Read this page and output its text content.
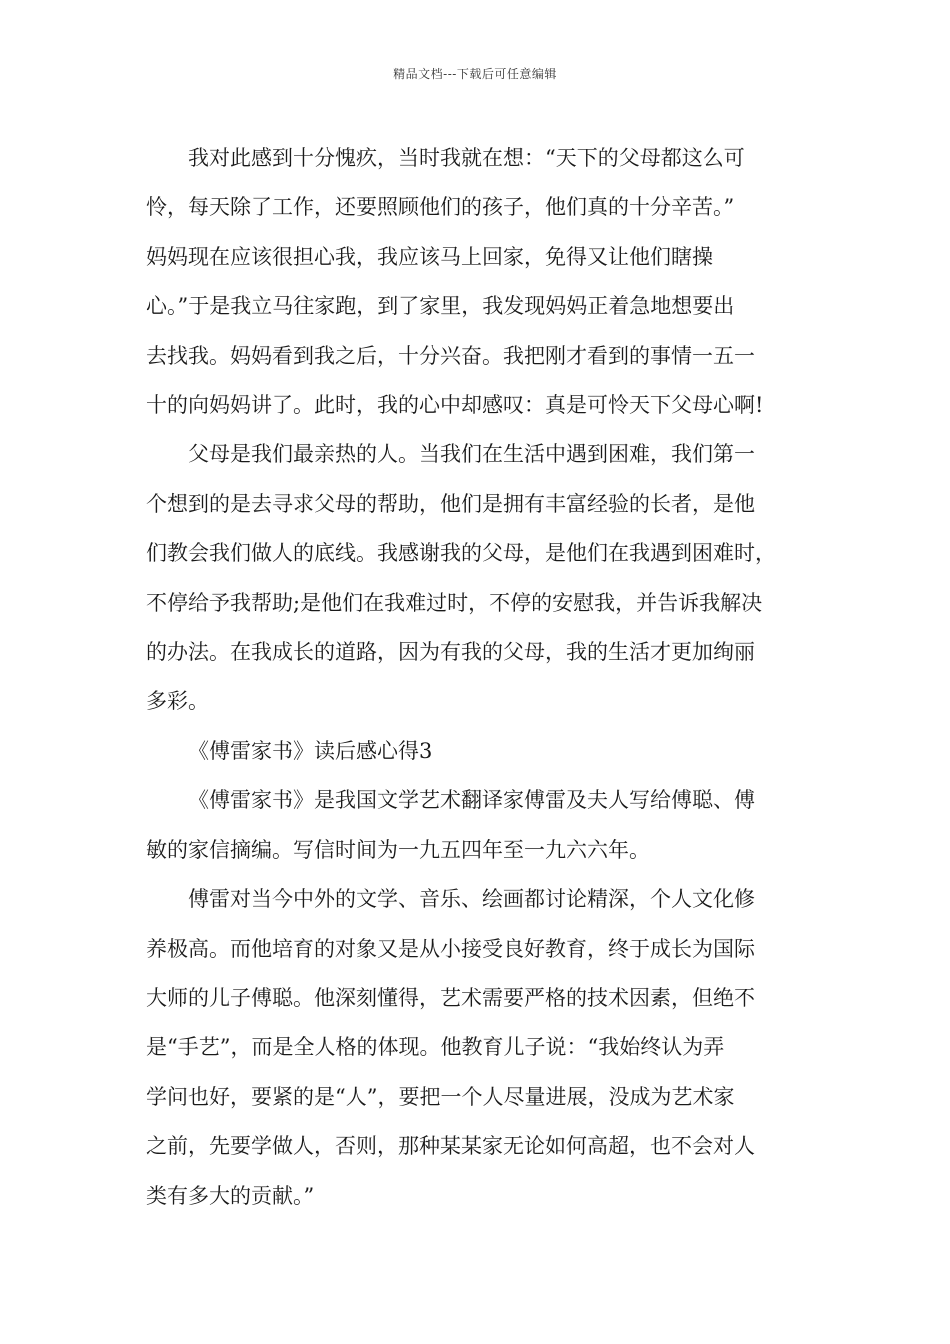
精品文档---下载后可任意编辑

我对此感到十分愧疚，当时我就在想：“天下的父母都这么可
怜，每天除了工作，还要照顾他们的孩子，他们真的十分辛苦。”
妈妈现在应该很担心我，我应该马上回家，免得又让他们瞎操
心。”于是我立马往家跑，到了家里，我发现妈妈正着急地想要出
去找我。妈妈看到我之后，十分兴奋。我把刚才看到的事情一五一
十的向妈妈讲了。此时，我的心中却感叹：真是可怜天下父母心啊!

父母是我们最亲热的人。当我们在生活中遇到困难，我们第一
个想到的是去寻求父母的帮助，他们是拥有丰富经验的长者，是他
们教会我们做人的底线。我感谢我的父母，是他们在我遇到困难时，
不停给予我帮助;是他们在我难过时，不停的安慰我，并告诉我解决
的办法。在我成长的道路，因为有我的父母，我的生活才更加绚丽
多彩。

《傅雷家书》读后感心得3

《傅雷家书》是我国文学艺术翻译家傅雷及夫人写给傅聪、傅
敏的家信摘编。写信时间为一九五四年至一九六六年。

傅雷对当今中外的文学、音乐、绘画都讨论精深，个人文化修
养极高。而他培育的对象又是从小接受良好教育，终于成长为国际
大师的儿子傅聪。他深刻懂得，艺术需要严格的技术因素，但绝不
是“手艺”，而是全人格的体现。他教育儿子说：“我始终认为弄
学问也好，要紧的是“人”，要把一个人尽量进展，没成为艺术家
之前，先要学做人，否则，那种某某家无论如何高超，也不会对人
类有多大的贡献。”
